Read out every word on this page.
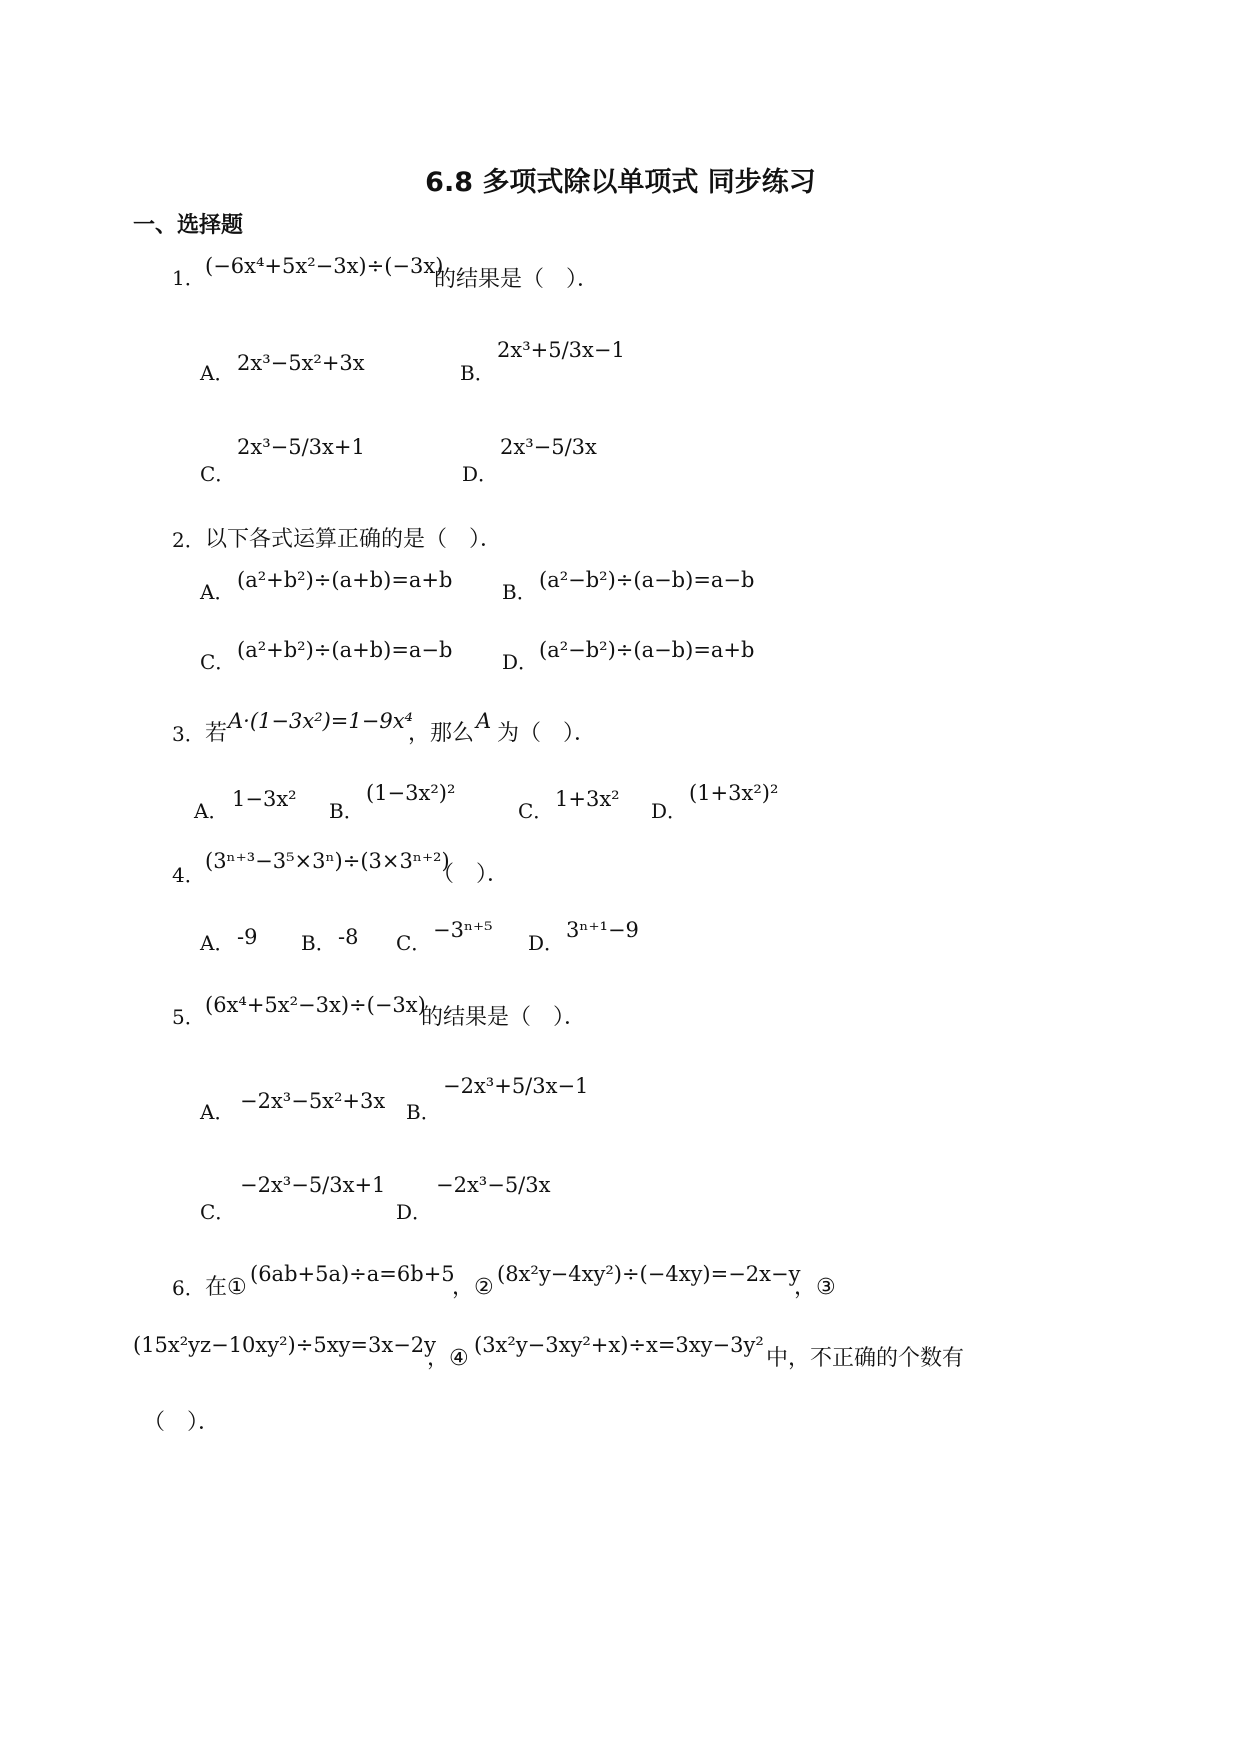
6.8 多项式除以单项式 同步练习
一、选择题
1． (−6x⁴+5x²−3x)÷(−3x)
的结果是（　）．
A． 2x³−5x²+3x	B．
2x³+5/3x−1
C．
2x³−5/3x+1
D．
2x³−5/3x
2． 以下各式运算正确的是（　）．
A． (a²+b²)÷(a+b)=a+b B． (a²−b²)÷(a−b)=a−b
C． (a²+b²)÷(a+b)=a−b D． (a²−b²)÷(a−b)=a+b
3． 若 A·(1−3x²)=1−9x⁴
，那么 A 为（　）．
A． 1−3x² B．
(1−3x²)²
C． 1+3x² D．
(1+3x²)²
4．
(3ⁿ⁺³−3⁵×3ⁿ)÷(3×3ⁿ⁺²)
（　）．
A． -9 B． -8 C．
−3ⁿ⁺⁵
D．
3ⁿ⁺¹−9
5． (6x⁴+5x²−3x)÷(−3x)
的结果是（　）．
A． −2x³−5x²+3x B．
−2x³+5/3x−1
C．
−2x³−5/3x+1
D．
−2x³−5/3x
6． 在①
(6ab+5a)÷a=6b+5
，②
(8x²y−4xy²)÷(−4xy)=−2x−y
，③
(15x²yz−10xy²)÷5xy=3x−2y
，④
(3x²y−3xy²+x)÷x=3xy−3y²
中，不正确的个数有
（　）．
